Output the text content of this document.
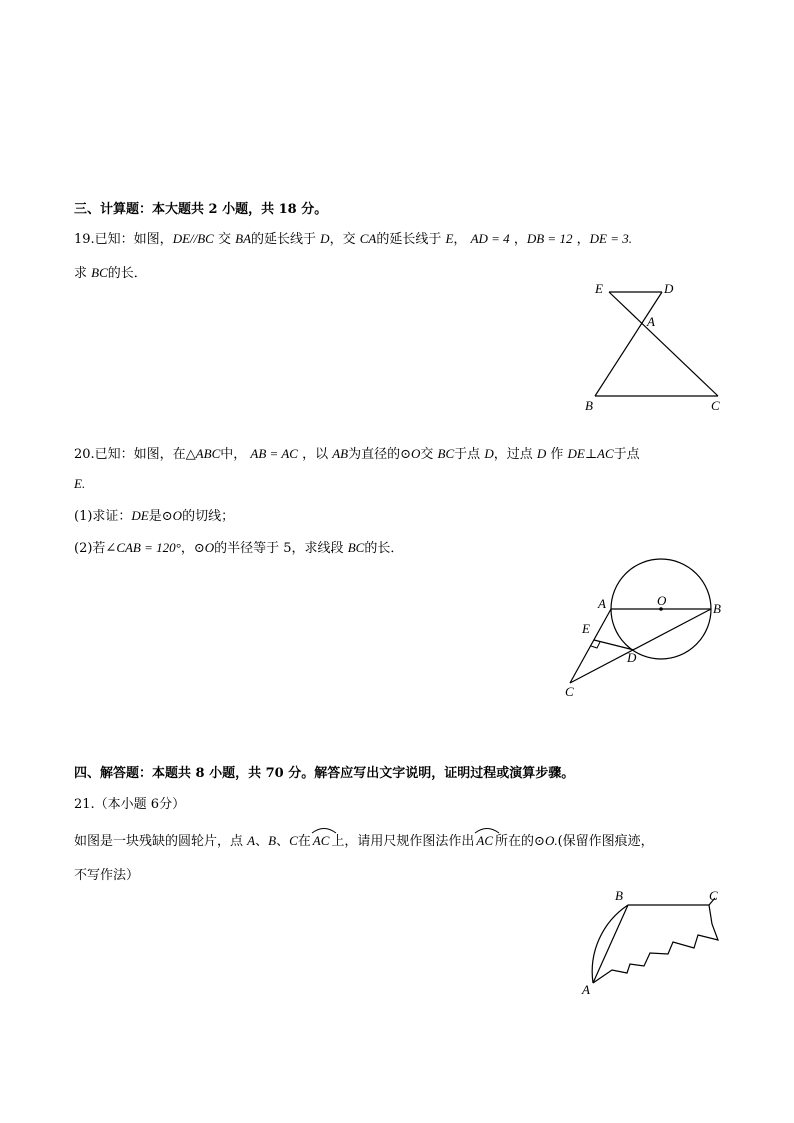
三、计算题：本大题共 2 小题，共 18 分。
19.已知：如图，DE//BC 交 BA的延长线于 D，交 CA的延长线于 E， AD = 4 ，DB = 12 ，DE = 3.
求 BC的长．
E	D
A
B	C
20.已知：如图，在△ABC中， AB = AC ，以 AB为直径的⊙O交 BC于点 D，过点 D 作 DE⊥AC于点
E.
(1)求证：DE是⊙O的切线；
(2)若∠CAB = 120°，⊙O的半径等于 5，求线段 BC的长．
A	O
B
E
D
C
四、解答题：本题共 8 小题，共 70 分。解答应写出文字说明，证明过程或演算步骤。
21.（本小题 6分）
如图是一块残缺的圆轮片，点 A、B、C在 AC 上，请用尺规作图法作出 AC 所在的⊙O.(保留作图痕迹，
不写作法）
B	C
A
